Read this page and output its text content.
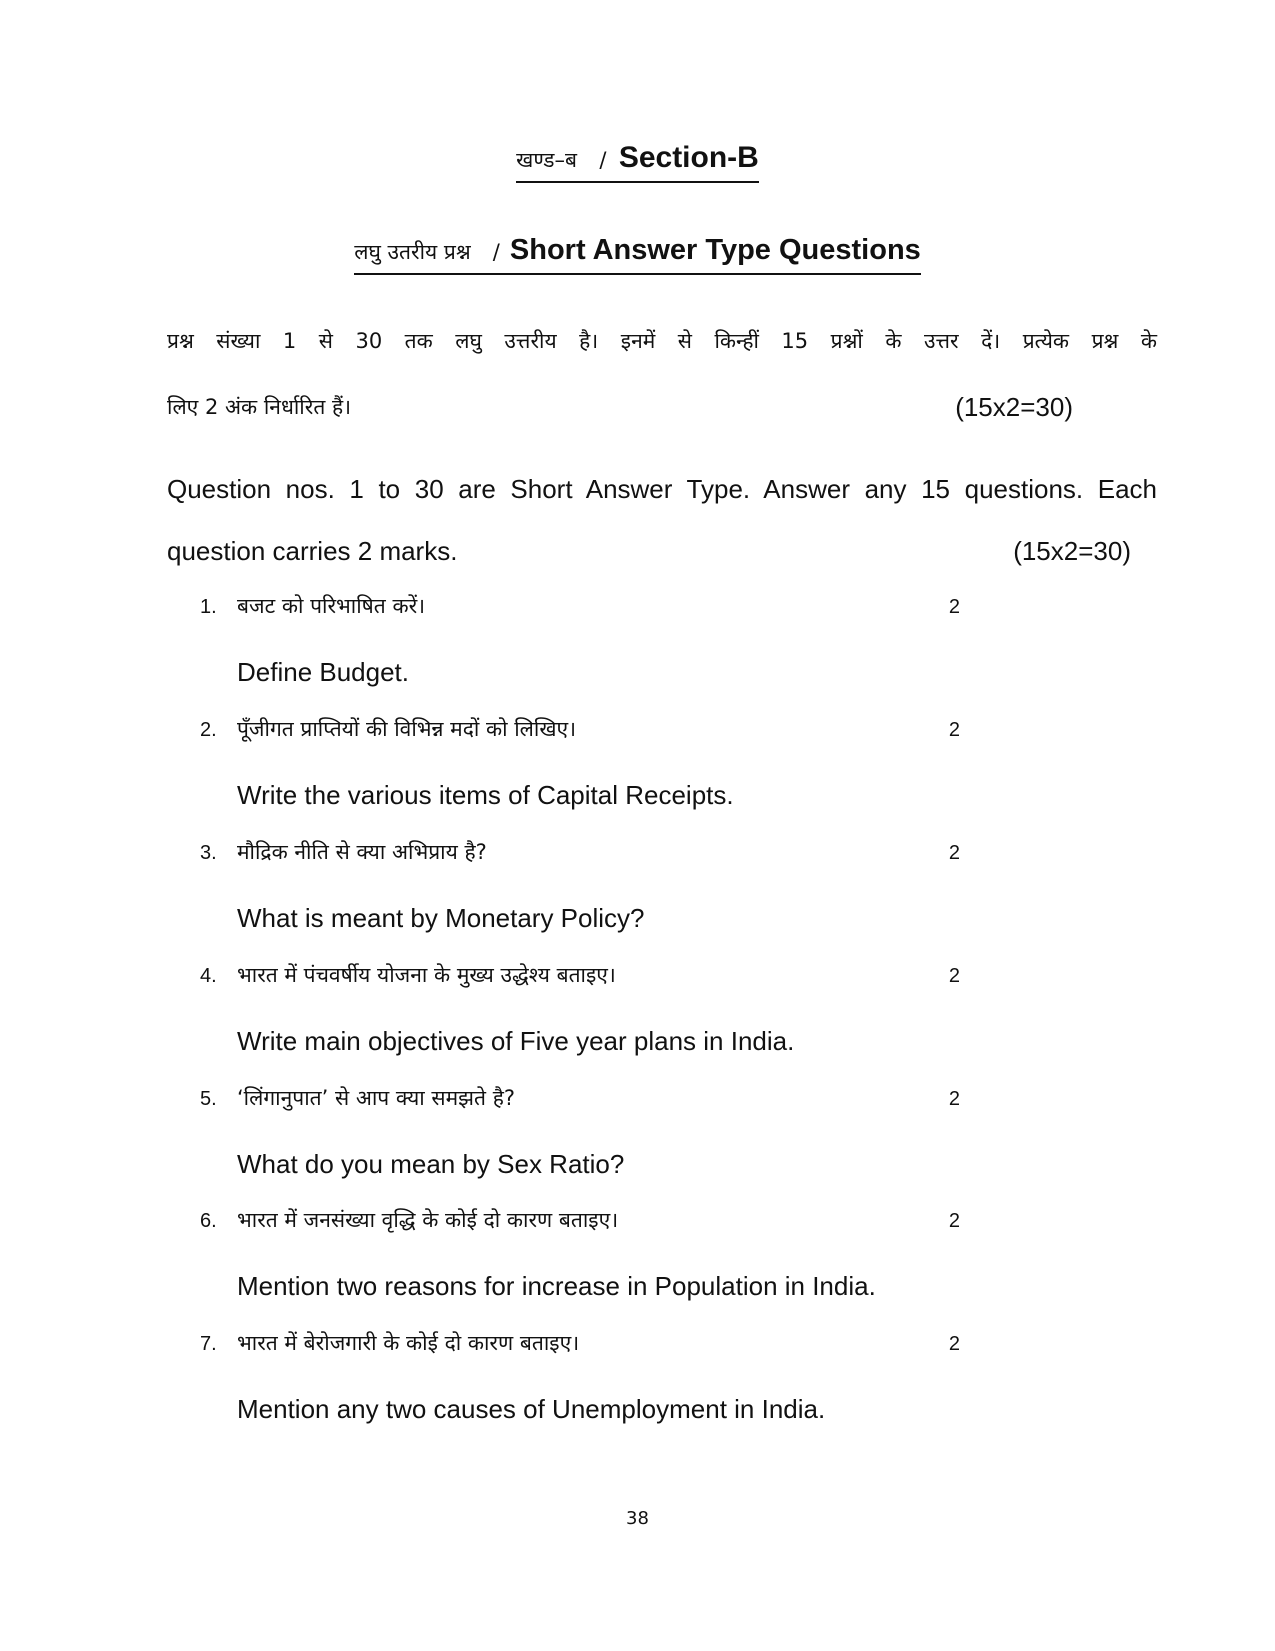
खण्ड–ब / Section-B
लघु उतरीय प्रश्न / Short Answer Type Questions
प्रश्न संख्या 1 से 30 तक लघु उत्तरीय है। इनमें से किन्हीं 15 प्रश्नों के उत्तर दें। प्रत्येक प्रश्न के
लिए 2 अंक निर्धारित हैं।	(15x2=30)
Question nos. 1 to 30 are Short Answer Type. Answer any 15 questions. Each
question carries 2 marks.	(15x2=30)
1. बजट को परिभाषित करें।	2
Define Budget.
2. पूँजीगत प्राप्तियों की विभिन्न मदों को लिखिए।	2
Write the various items of Capital Receipts.
3. मौद्रिक नीति से क्या अभिप्राय है?	2
What is meant by Monetary Policy?
4. भारत में पंचवर्षीय योजना के मुख्य उद्धेश्य बताइए।	2
Write main objectives of Five year plans in India.
5. ‘लिंगानुपात’ से आप क्या समझते है?	2
What do you mean by Sex Ratio?
6. भारत में जनसंख्या वृद्धि के कोई दो कारण बताइए।	2
Mention two reasons for increase in Population in India.
7. भारत में बेरोजगारी के कोई दो कारण बताइए।	2
Mention any two causes of Unemployment in India.
38
